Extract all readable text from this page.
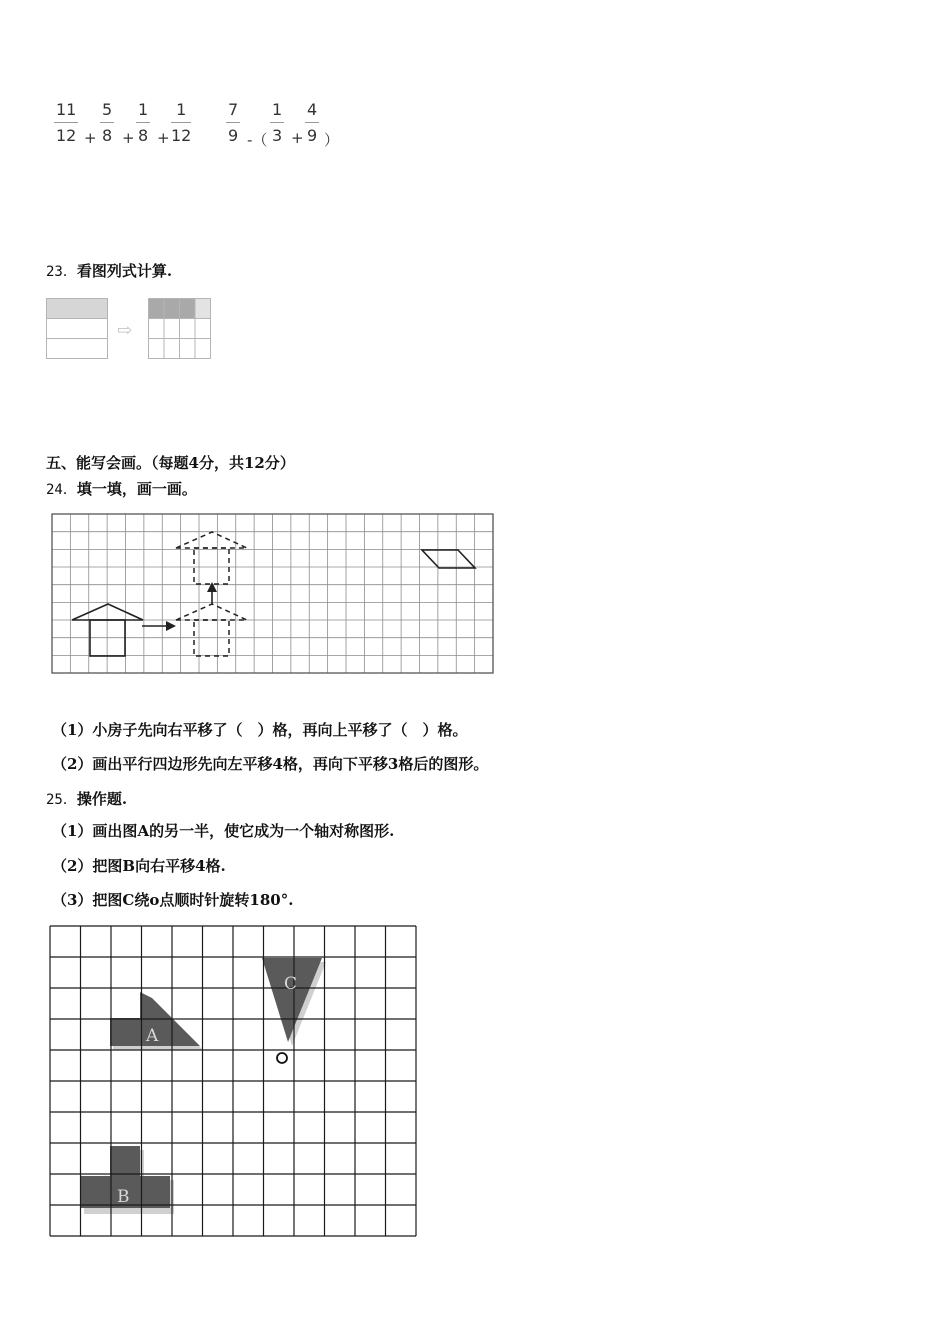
$\frac{11}{12} + \frac{5}{8} + \frac{1}{8} + \frac{1}{12} \frac{7}{9}$ -（ $\frac{1}{3} + \frac{4}{9}$ ）
23．看图列式计算.
⇨
五、能写会画。（每题4分，共12分）
24．填一填，画一画。
（1）小房子先向右平移了（　）格，再向上平移了（　）格。
（2）画出平行四边形先向左平移4格，再向下平移3格后的图形。
25．操作题.
（1）画出图A的另一半，使它成为一个轴对称图形.
（2）把图B向右平移4格.
（3）把图C绕o点顺时针旋转180°.
A
C
B
O
